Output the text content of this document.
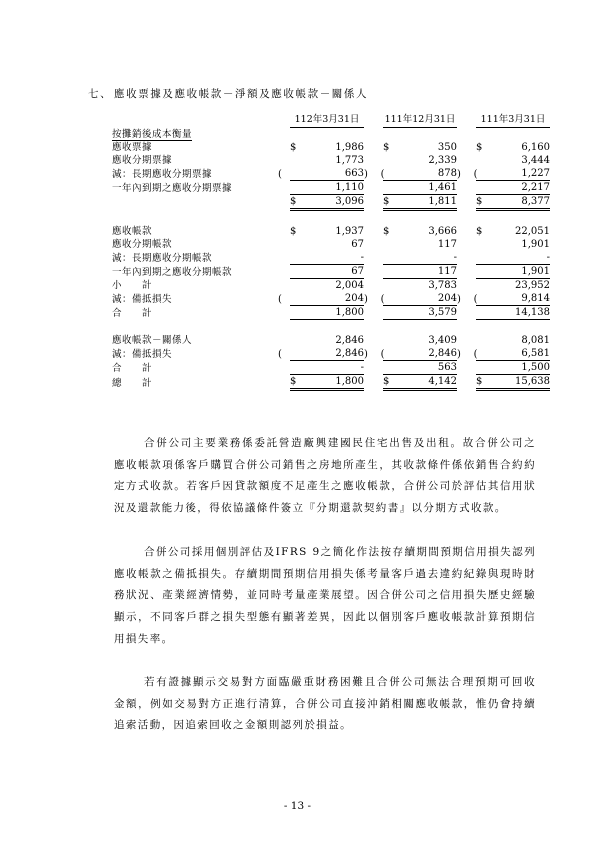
七、 應收票據及應收帳款－淨額及應收帳款－關係人
		112年3月31日		111年12月31日		111年3月31日
按攤銷後成本衡量						
應收票據		$ 1,986		$ 350		$ 6,160

應收分期票據		1,773		2,339		3,444
減：長期應收分期票據	(	663	)    (	878	)    (	1,227
一年內到期之應收分期票據		1,110		1,461		2,217

		$ 3,096		$ 1,811		$ 8,377

應收帳款		$ 1,937		$ 3,666		$ 22,051

應收分期帳款		67		117		1,901
減：長期應收分期帳款		-		-		-
一年內到期之應收分期帳款		67		117		1,901
小　　計		2,004		3,783		23,952
減：備抵損失	(	204	)    (	204	)    (	9,814
合　　計		1,800		3,579		14,138

應收帳款－關係人		2,846		3,409		8,081
減：備抵損失	(	2,846	)    (	2,846	)    (	6,581
合　　計		-		563		1,500
總　　計		$ 1,800		$ 4,142		$ 15,638

合併公司主要業務係委託營造廠興建國民住宅出售及出租。故合併公司之應收帳款項係客戶購買合併公司銷售之房地所產生，其收款條件係依銷售合約約定方式收款。若客戶因貸款額度不足產生之應收帳款，合併公司於評估其信用狀況及還款能力後，得依協議條件簽立『分期還款契約書』以分期方式收款。

合併公司採用個別評估及IFRS 9之簡化作法按存續期間預期信用損失認列應收帳款之備抵損失。存續期間預期信用損失係考量客戶過去違約紀錄與現時財務狀況、產業經濟情勢，並同時考量產業展望。因合併公司之信用損失歷史經驗顯示，不同客戶群之損失型態有顯著差異，因此以個別客戶應收帳款計算預期信用損失率。

若有證據顯示交易對方面臨嚴重財務困難且合併公司無法合理預期可回收金額，例如交易對方正進行清算，合併公司直接沖銷相關應收帳款，惟仍會持續追索活動，因追索回收之金額則認列於損益。

- 13 -
